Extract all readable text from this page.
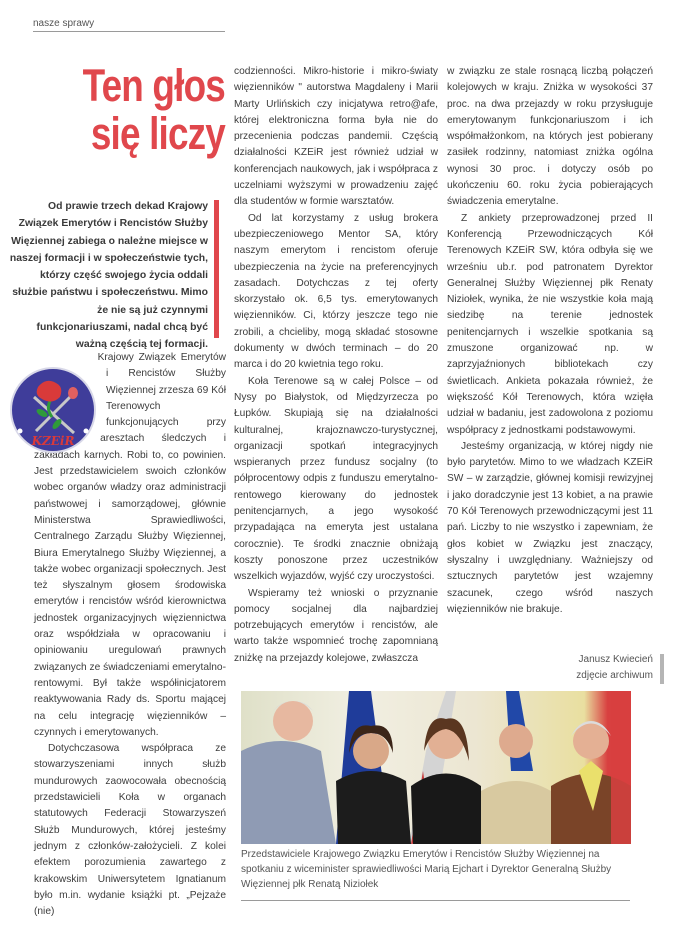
nasze sprawy
Ten głos
się liczy
Od prawie trzech dekad Krajowy Związek Emerytów i Rencistów Służby Więziennej zabiega o należne miejsce w naszej formacji i w społeczeństwie tych, którzy część swojego życia oddali służbie państwu i społeczeństwu. Mimo że nie są już czynnymi funkcjonariuszami, nadal chcą być ważną częścią tej formacji.

Krajowy Związek Emerytów i Rencistów Służby Więziennej zrzesza 69 Kół Terenowych funkcjonujących przy aresztach śledczych i zakładach karnych. Robi to, co powinien. Jest przedstawicielem swoich członków wobec organów władzy oraz administracji państwowej i samorządowej, głównie Ministerstwa Sprawiedliwości, Centralnego Zarządu Służby Więziennej, Biura Emerytalnego Służby Więziennej, a także wobec organizacji społecznych. Jest też słyszalnym głosem środowiska emerytów i rencistów wśród kierownictwa jednostek organizacyjnych więziennictwa oraz współdziała w opracowaniu i opiniowaniu uregulowań prawnych związanych ze świadczeniami emerytalno-rentowymi. Był także współinicjatorem reaktywowania Rady ds. Sportu mającej na celu integrację więzienników – czynnych i emerytowanych.

Dotychczasowa współpraca ze stowarzyszeniami innych służb mundurowych zaowocowała obecnością przedstawicieli Koła w organach statutowych Federacji Stowarzyszeń Służb Mundurowych, której jesteśmy jednym z członków-założycieli. Z kolei efektem porozumienia zawartego z krakowskim Uniwersytetem Ignatianum było m.in. wydanie książki pt. „Pejzaże (nie)

KZEiR

codzienności. Mikro-historie i mikro-światy więzienników " autorstwa Magdaleny i Marii Marty Urlińskich czy inicjatywa retro@afe, której elektroniczna forma była nie do przecenienia podczas pandemii. Częścią działalności KZEiR jest również udział w konferencjach naukowych, jak i współpraca z uczelniami wyższymi w prowadzeniu zajęć dla studentów w formie warsztatów.

Od lat korzystamy z usług brokera ubezpieczeniowego Mentor SA, który naszym emerytom i rencistom oferuje ubezpieczenia na życie na preferencyjnych zasadach. Dotychczas z tej oferty skorzystało ok. 6,5 tys. emerytowanych więzienników. Ci, którzy jeszcze tego nie zrobili, a chcieliby, mogą składać stosowne dokumenty w dwóch terminach – do 20 marca i do 20 kwietnia tego roku.

Koła Terenowe są w całej Polsce – od Nysy po Białystok, od Międzyrzecza po Łupków. Skupiają się na działalności kulturalnej, krajoznawczo-turystycznej, organizacji spotkań integracyjnych wspieranych przez fundusz socjalny (to półprocentowy odpis z funduszu emerytalno-rentowego kierowany do jednostek penitencjarnych, a jego wysokość przypadająca na emeryta jest ustalana corocznie). Te środki znacznie obniżają koszty ponoszone przez uczestników wszelkich wyjazdów, wyjść czy uroczystości.

Wspieramy też wnioski o przyznanie pomocy socjalnej dla najbardziej potrzebujących emerytów i rencistów, ale warto także wspomnieć trochę zapomnianą zniżkę na przejazdy kolejowe, zwłaszcza

w związku ze stale rosnącą liczbą połączeń kolejowych w kraju. Zniżka w wysokości 37 proc. na dwa przejazdy w roku przysługuje emerytowanym funkcjonariuszom i ich współmałżonkom, na których jest pobierany zasiłek rodzinny, natomiast zniżka ogólna wynosi 30 proc. i dotyczy osób po ukończeniu 60. roku życia pobierających świadczenia emerytalne.

Z ankiety przeprowadzonej przed II Konferencją Przewodniczących Kół Terenowych KZEiR SW, która odbyła się we wrześniu ub.r. pod patronatem Dyrektor Generalnej Służby Więziennej płk Renaty Niziołek, wynika, że nie wszystkie koła mają siedzibę na terenie jednostek penitencjarnych i wszelkie spotkania są zmuszone organizować np. w zaprzyjaźnionych bibliotekach czy świetlicach. Ankieta pokazała również, że większość Kół Terenowych, która wzięła udział w badaniu, jest zadowolona z poziomu współpracy z jednostkami podstawowymi.

Jesteśmy organizacją, w której nigdy nie było parytetów. Mimo to we władzach KZEiR SW – w zarządzie, głównej komisji rewizyjnej i jako doradczynie jest 13 kobiet, a na prawie 70 Kół Terenowych przewodniczącymi jest 11 pań. Liczby to nie wszystko i zapewniam, że głos kobiet w Związku jest znaczący, słyszalny i uwzględniany. Ważniejszy od sztucznych parytetów jest wzajemny szacunek, czego wśród naszych więzienników nie brakuje.

Janusz Kwiecień
zdjęcie archiwum
Przedstawiciele Krajowego Związku Emerytów i Rencistów Służby Więziennej na spotkaniu z wiceminister sprawiedliwości Marią Ejchart i Dyrektor Generalną Służby Więziennej płk Renatą Niziołek
